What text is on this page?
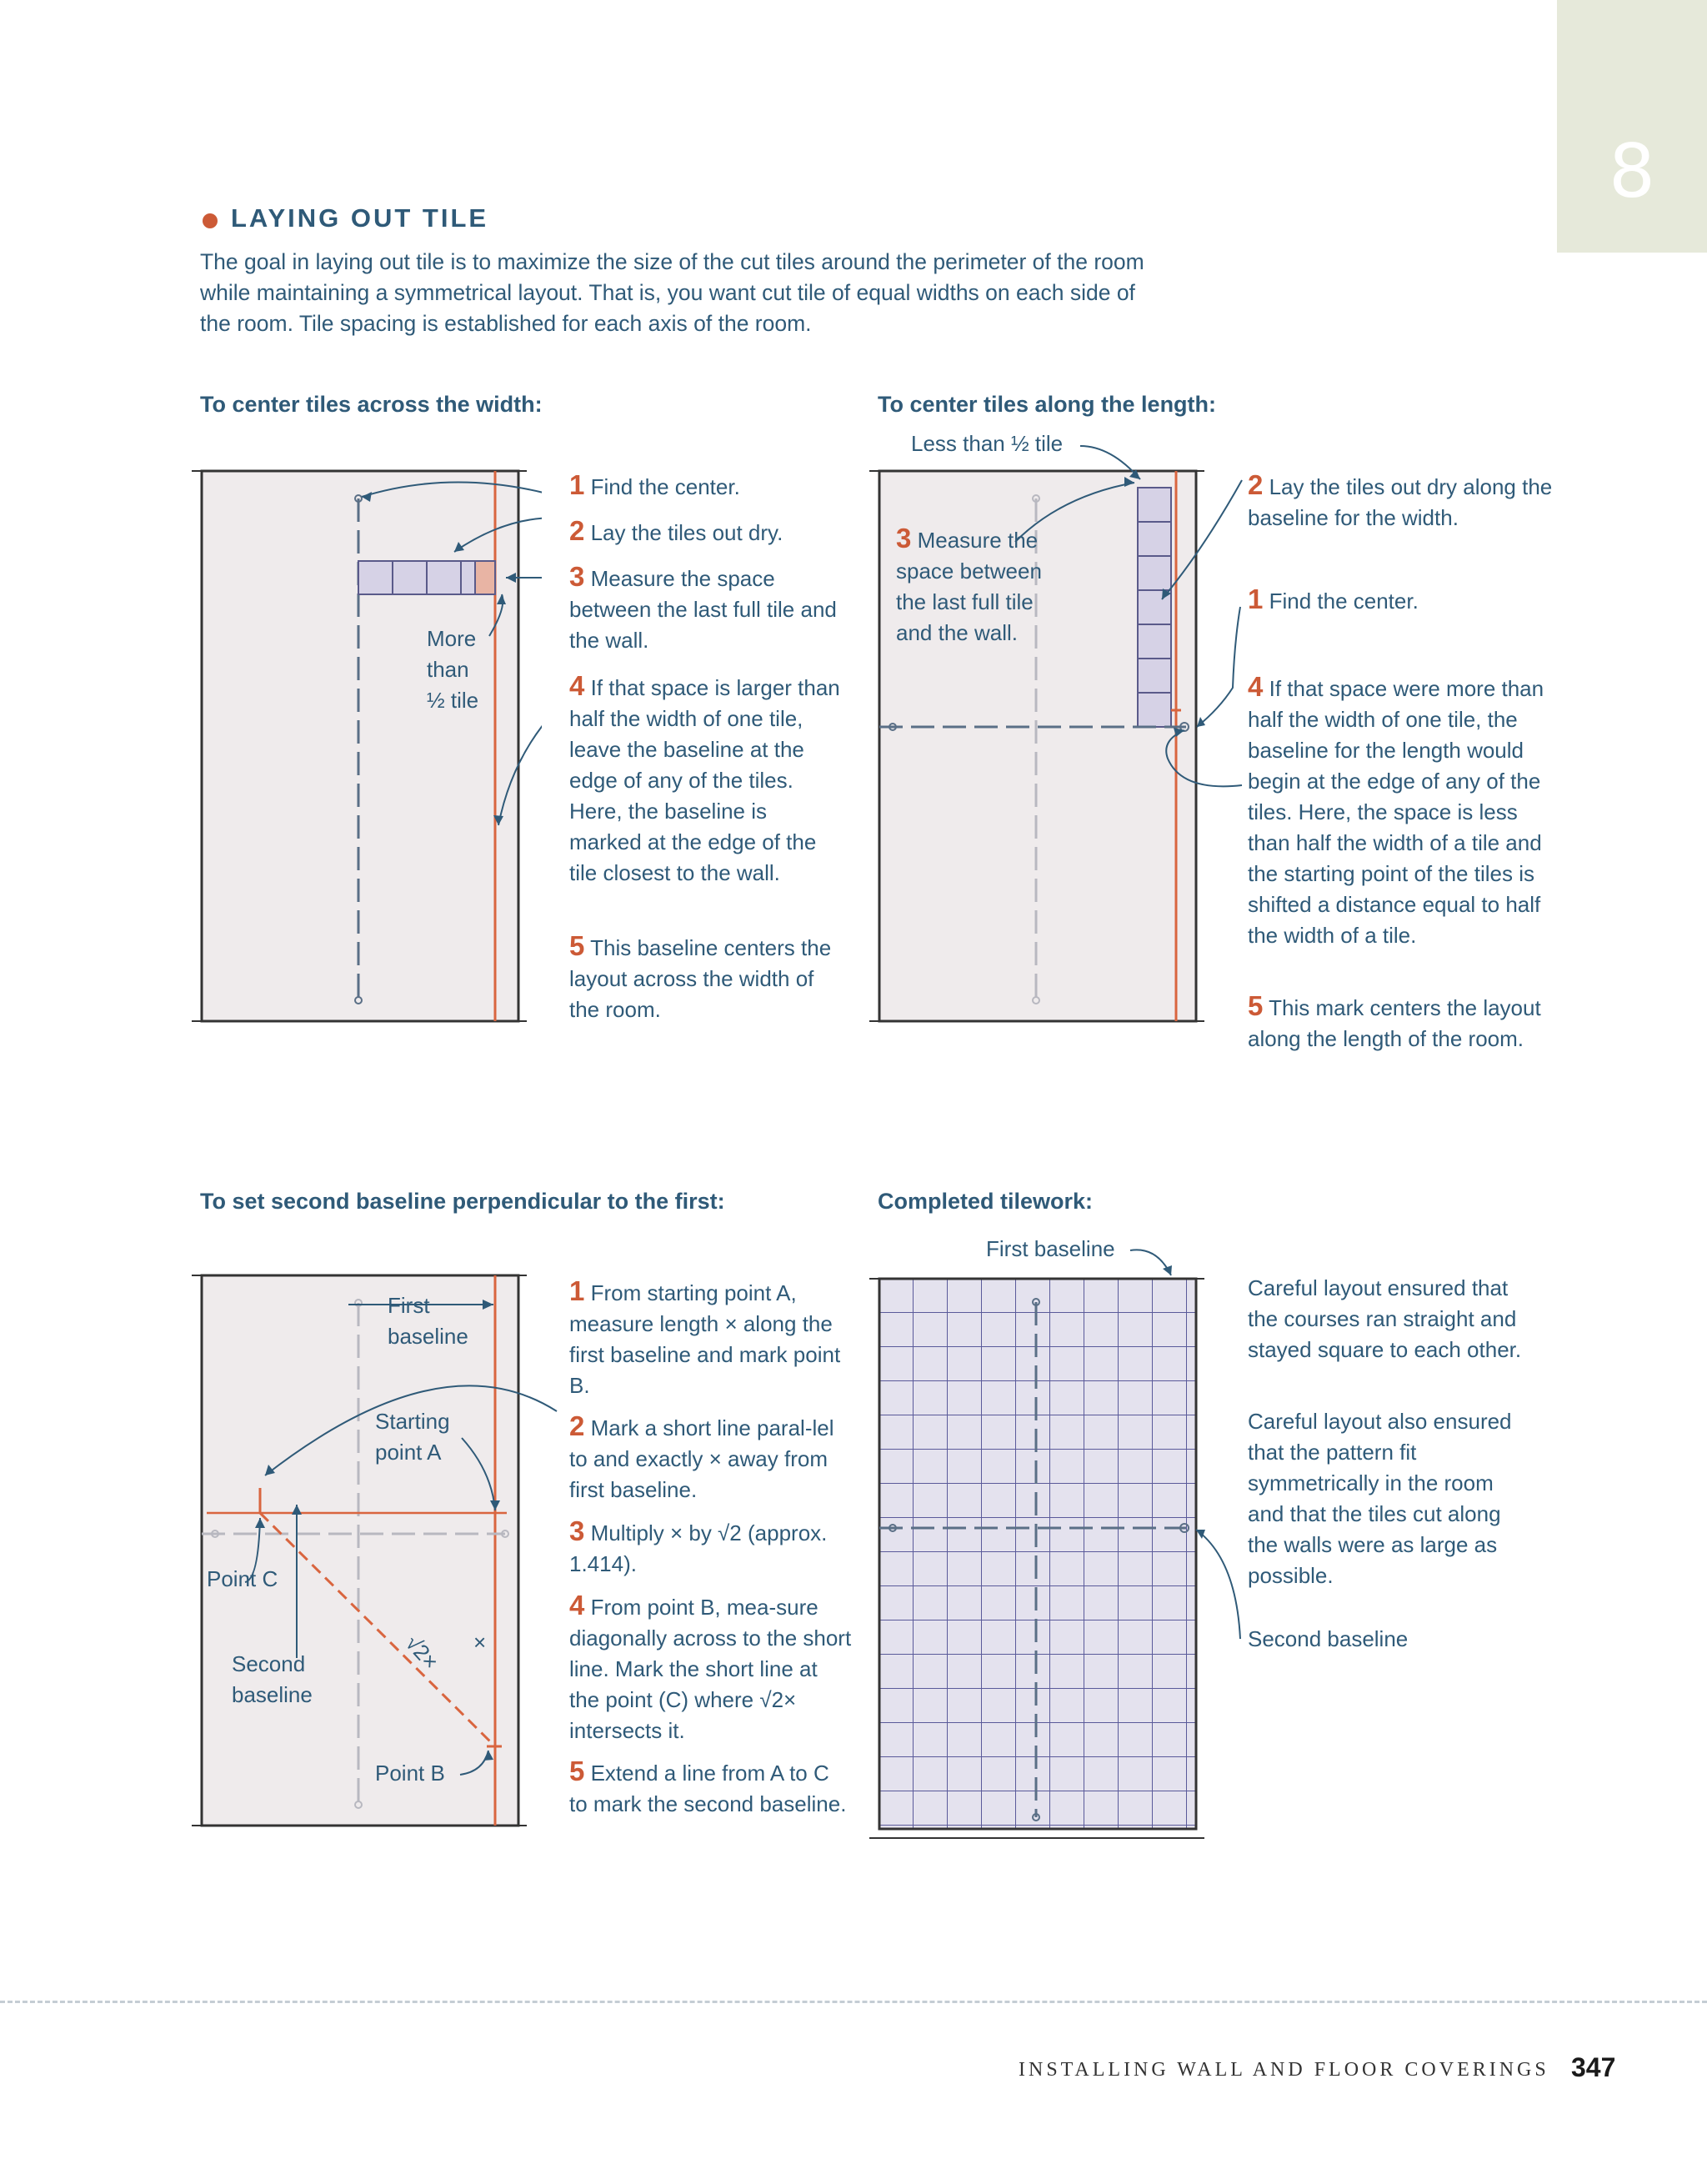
8
LAYING OUT TILE
The goal in laying out tile is to maximize the size of the cut tiles around the perimeter of the room while maintaining a symmetrical layout. That is, you want cut tile of equal widths on each side of the room. Tile spacing is established for each axis of the room.
To center tiles across the width:
More
than
½ tile
1 Find the center.
2 Lay the tiles out dry.
3 Measure the space between the last full tile and the wall.
4 If that space is larger than half the width of one tile, leave the baseline at the edge of any of the tiles. Here, the baseline is marked at the edge of the tile closest to the wall.
5 This baseline centers the layout across the width of the room.
To center tiles along the length:
Less than ½ tile
3 Measure the space between the last full tile and the wall.
2 Lay the tiles out dry along the baseline for the width.
1 Find the center.
4 If that space were more than half the width of one tile, the baseline for the length would begin at the edge of any of the tiles. Here, the space is less than half the width of a tile and the starting point of the tiles is shifted a distance equal to half the width of a tile.
5 This mark centers the layout along the length of the room.
To set second baseline perpendicular to the first:
First
baseline
Starting
point A
Point C
Second
baseline
Point B
√2× ×
1 From starting point A, measure length × along the first baseline and mark point B.
2 Mark a short line paral-lel to and exactly × away from first baseline.
3 Multiply × by √2 (approx. 1.414).
4 From point B, mea-sure diagonally across to the short line. Mark the short line at the point (C) where √2× intersects it.
5 Extend a line from A to C to mark the second baseline.
Completed tilework:
First baseline
Careful layout ensured that the courses ran straight and stayed square to each other.
Careful layout also ensured that the pattern fit symmetrically in the room and that the tiles cut along the walls were as large as possible.
Second baseline
INSTALLING WALL AND FLOOR COVERINGS 347
